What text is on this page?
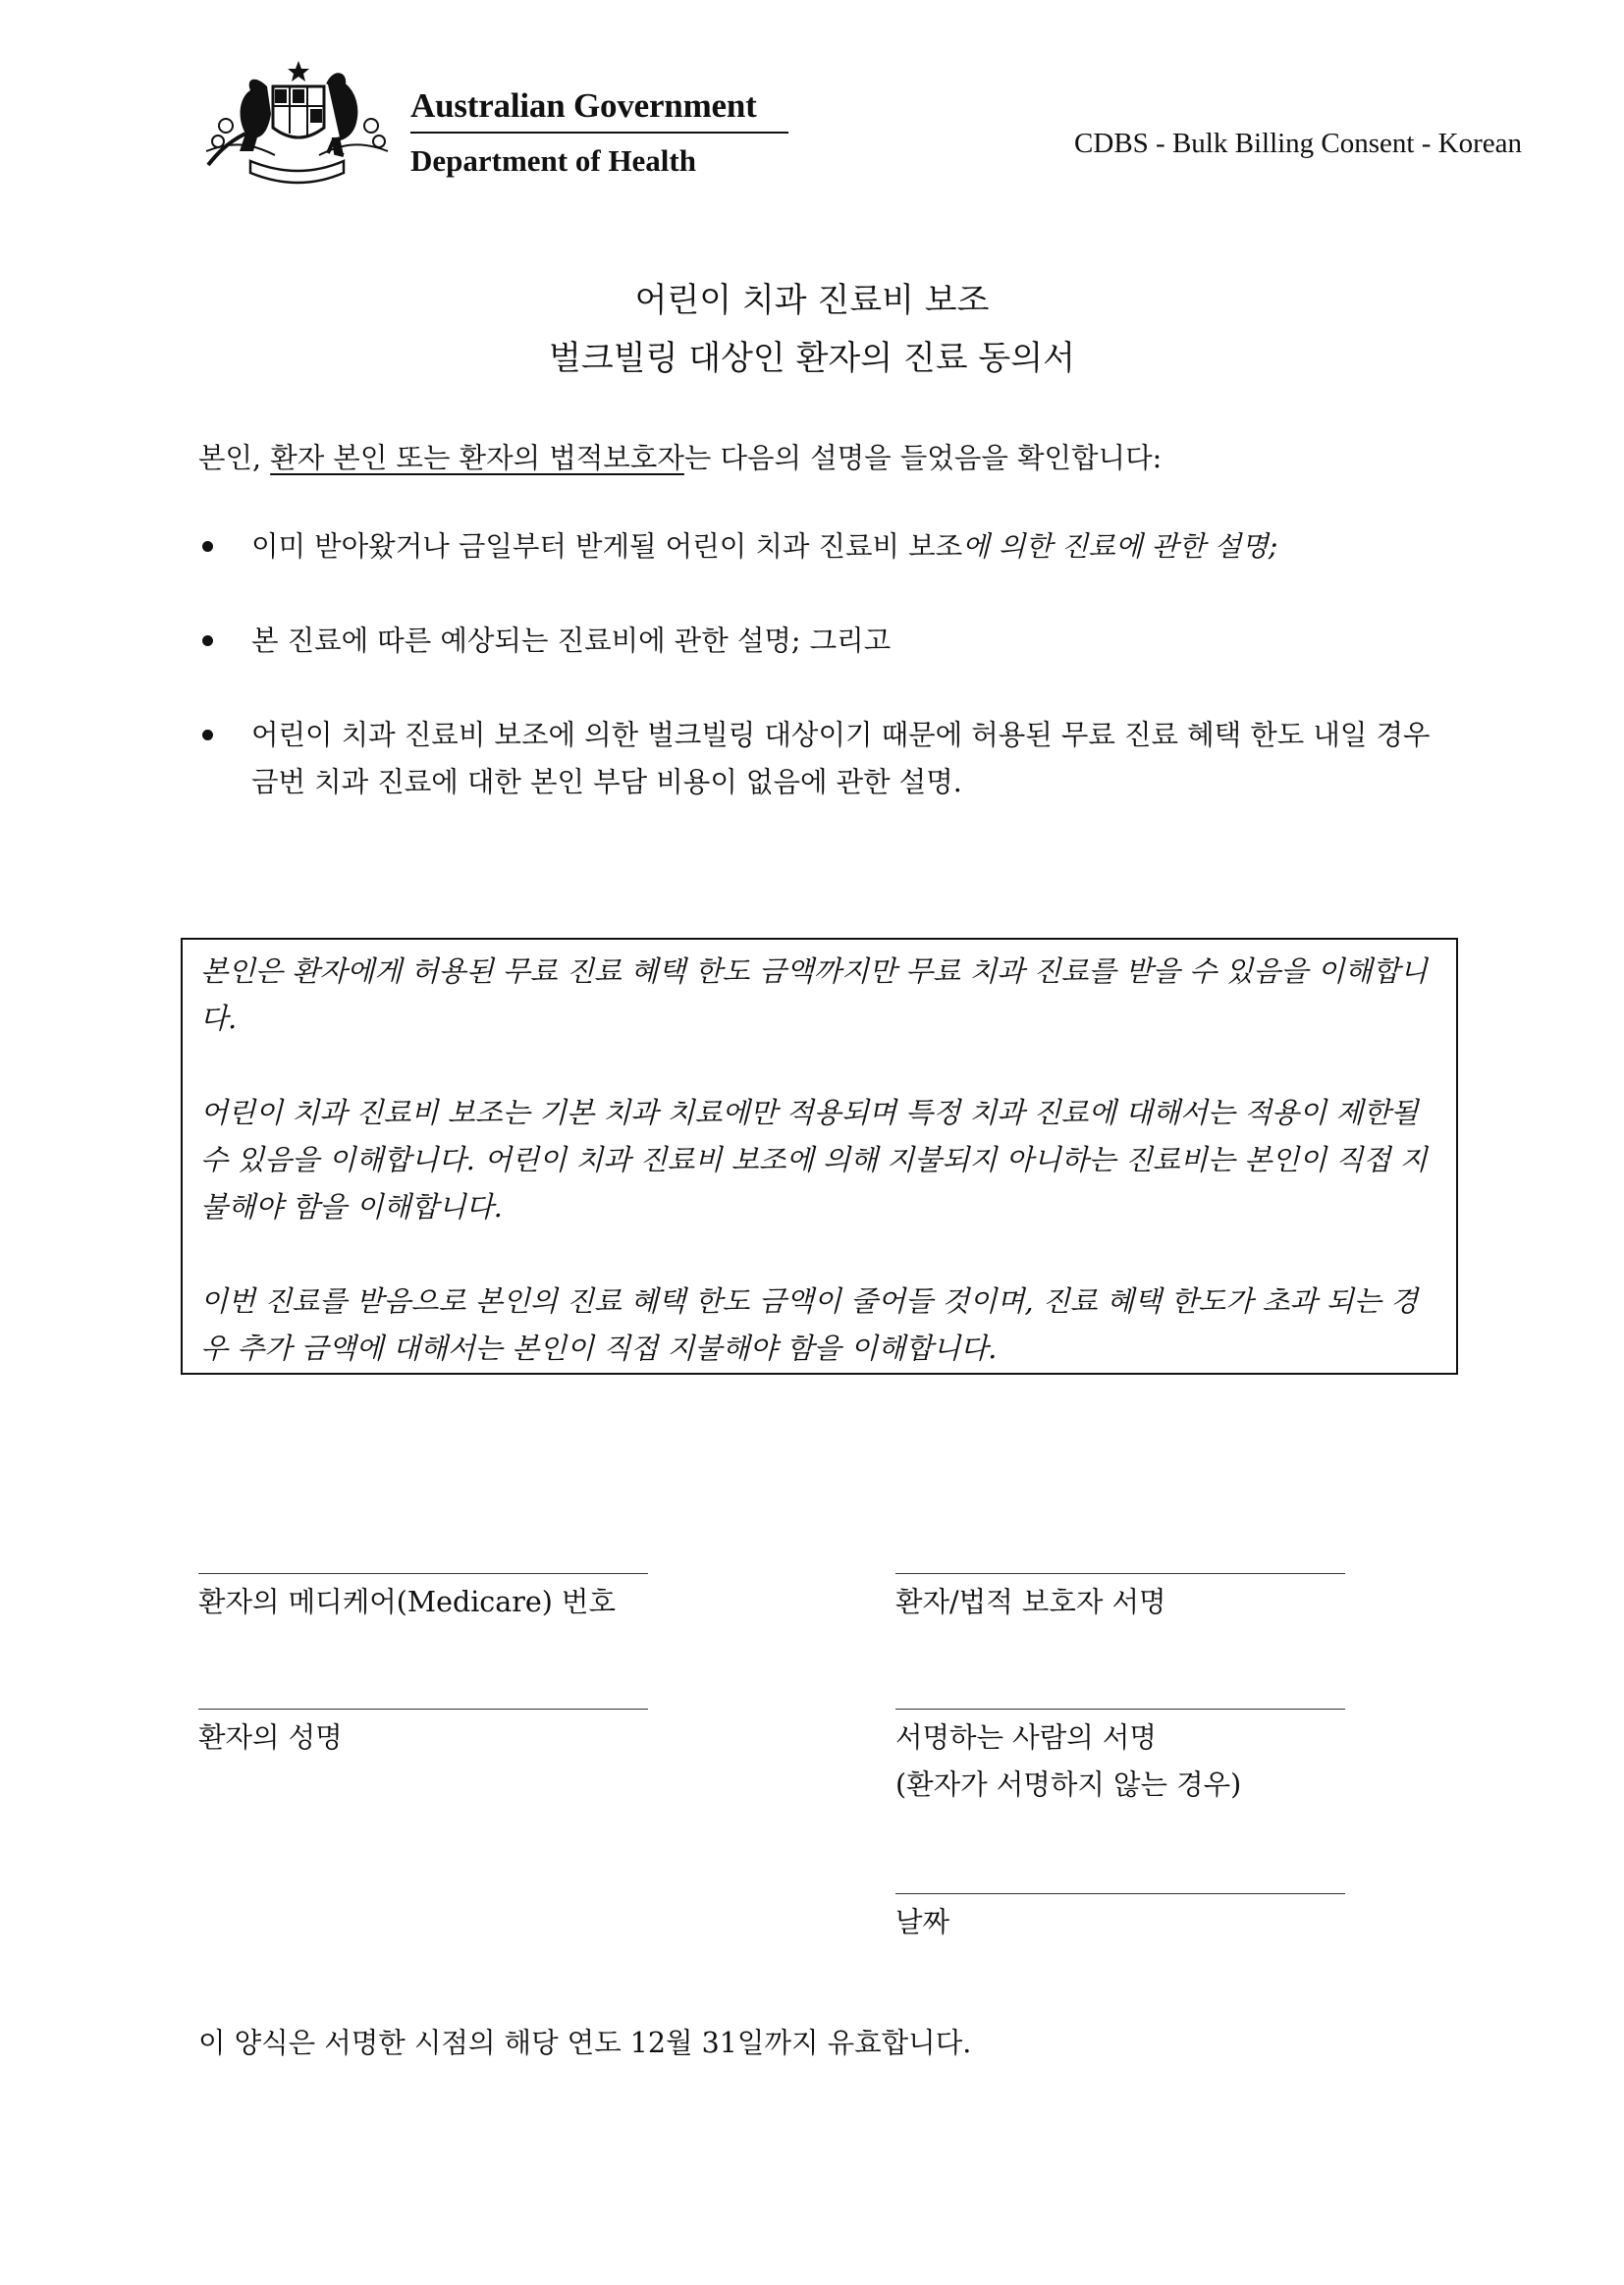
Australian Government
Department of Health	CDBS - Bulk Billing Consent - Korean
어린이 치과 진료비 보조
벌크빌링 대상인 환자의 진료 동의서
본인, 환자 본인 또는 환자의 법적보호자는 다음의 설명을 들었음을 확인합니다:
이미 받아왔거나 금일부터 받게될 어린이 치과 진료비 보조에 의한 진료에 관한 설명;
본 진료에 따른 예상되는 진료비에 관한 설명; 그리고
어린이 치과 진료비 보조에 의한 벌크빌링 대상이기 때문에 허용된 무료 진료 혜택 한도 내일 경우 금번 치과 진료에 대한 본인 부담 비용이 없음에 관한 설명.

본인은 환자에게 허용된 무료 진료 혜택 한도 금액까지만 무료 치과 진료를 받을 수 있음을 이해합니다.

어린이 치과 진료비 보조는 기본 치과 치료에만 적용되며 특정 치과 진료에 대해서는 적용이 제한될 수 있음을 이해합니다. 어린이 치과 진료비 보조에 의해 지불되지 아니하는 진료비는 본인이 직접 지불해야 함을 이해합니다.

이번 진료를 받음으로 본인의 진료 혜택 한도 금액이 줄어들 것이며, 진료 혜택 한도가 초과 되는 경우 추가 금액에 대해서는 본인이 직접 지불해야 함을 이해합니다.

환자의 메디케어(Medicare) 번호	환자/법적 보호자 서명
환자의 성명	서명하는 사람의 서명
(환자가 서명하지 않는 경우)
날짜
이 양식은 서명한 시점의 해당 연도 12월 31일까지 유효합니다.
